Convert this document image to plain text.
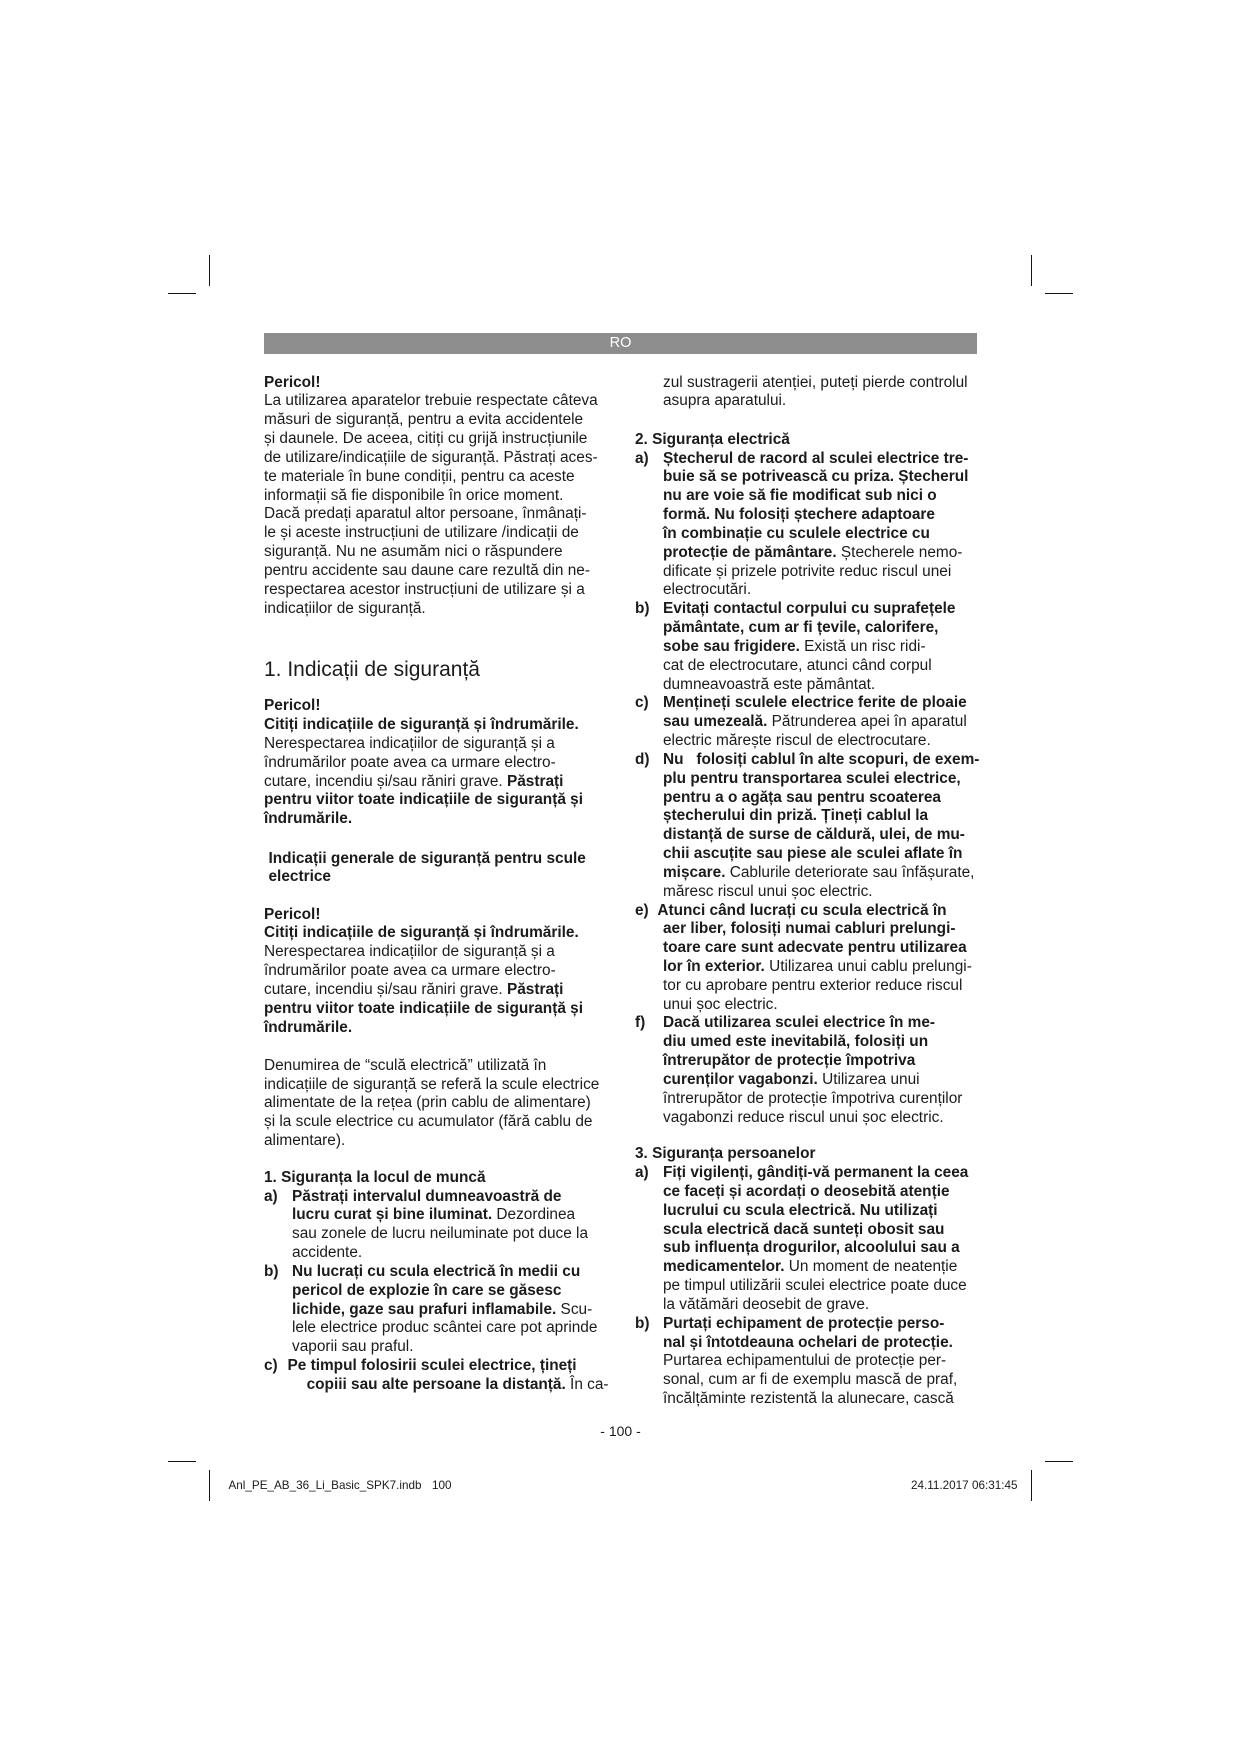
RO
Pericol!
La utilizarea aparatelor trebuie respectate câteva
măsuri de siguranță, pentru a evita accidentele
și daunele. De aceea, citiți cu grijă instrucțiunile
de utilizare/indicațiile de siguranță. Păstrați aces-
te materiale în bune condiții, pentru ca aceste
informații să fie disponibile în orice moment.
Dacă predați aparatul altor persoane, înmânați-
le și aceste instrucțiuni de utilizare /indicații de
siguranță. Nu ne asumăm nici o răspundere
pentru accidente sau daune care rezultă din ne-
respectarea acestor instrucțiuni de utilizare și a
indicațiilor de siguranță.
1. Indicații de siguranță
Pericol!
Citiți indicațiile de siguranță și îndrumările.
Nerespectarea indicațiilor de siguranță și a
îndrumărilor poate avea ca urmare electro-
cutare, incendiu și/sau răniri grave. Păstrați
pentru viitor toate indicațiile de siguranță și
îndrumările.
Indicații generale de siguranță pentru scule
electrice
Pericol!
Citiți indicațiile de siguranță și îndrumările.
Nerespectarea indicațiilor de siguranță și a
îndrumărilor poate avea ca urmare electro-
cutare, incendiu și/sau răniri grave. Păstrați
pentru viitor toate indicațiile de siguranță și
îndrumările.
Denumirea de “sculă electrică” utilizată în
indicațiile de siguranță se referă la scule electrice
alimentate de la rețea (prin cablu de alimentare)
și la scule electrice cu acumulator (fără cablu de
alimentare).
1. Siguranța la locul de muncă
a) Păstrați intervalul dumneavoastră de
lucru curat și bine iluminat. Dezordinea
sau zonele de lucru neiluminate pot duce la
accidente.
b) Nu lucrați cu scula electrică în medii cu
pericol de explozie în care se găsesc
lichide, gaze sau prafuri inflamabile. Scu-
lele electrice produc scântei care pot aprinde
vaporii sau praful.
c) Pe timpul folosirii sculei electrice, țineți
copiii sau alte persoane la distanță. În ca-
zul sustragerii atenției, puteți pierde controlul
asupra aparatului.
2. Siguranța electrică
a) Ștecherul de racord al sculei electrice tre-
buie să se potrivească cu priza. Ștecherul
nu are voie să fie modificat sub nici o
formă. Nu folosiți ștechere adaptoare
în combinație cu sculele electrice cu
protecție de pământare. Ștecherele nemo-
dificate și prizele potrivite reduc riscul unei
electrocutări.
b) Evitați contactul corpului cu suprafețele
pământate, cum ar fi țevile, calorifere,
sobe sau frigidere. Există un risc ridi-
cat de electrocutare, atunci când corpul
dumneavoastră este pământat.
c) Mențineți sculele electrice ferite de ploaie
sau umezeală. Pătrunderea apei în aparatul
electric mărește riscul de electrocutare.
d) Nu   folosiți cablul în alte scopuri, de exem-
plu pentru transportarea sculei electrice,
pentru a o agăța sau pentru scoaterea
ștecherului din priză. Țineți cablul la
distanță de surse de căldură, ulei, de mu-
chii ascuțite sau piese ale sculei aflate în
mișcare. Cablurile deteriorate sau înfășurate,
măresc riscul unui șoc electric.
e) Atunci când lucrați cu scula electrică în
aer liber, folosiți numai cabluri prelungi-
toare care sunt adecvate pentru utilizarea
lor în exterior. Utilizarea unui cablu prelungi-
tor cu aprobare pentru exterior reduce riscul
unui șoc electric.
f) Dacă utilizarea sculei electrice în me-
diu umed este inevitabilă, folosiți un
întrerupător de protecție împotriva
curenților vagabonzi. Utilizarea unui
întrerupător de protecție împotriva curenților
vagabonzi reduce riscul unui șoc electric.
3. Siguranța persoanelor
a) Fiți vigilenți, gândiți-vă permanent la ceea
ce faceți și acordați o deosebită atenție
lucrului cu scula electrică. Nu utilizați
scula electrică dacă sunteți obosit sau
sub influența drogurilor, alcoolului sau a
medicamentelor. Un moment de neatenție
pe timpul utilizării sculei electrice poate duce
la vătămări deosebit de grave.
b) Purtați echipament de protecție perso-
nal și întotdeauna ochelari de protecție.
Purtarea echipamentului de protecție per-
sonal, cum ar fi de exemplu mască de praf,
încălțăminte rezistentă la alunecare, cască
- 100 -
Anl_PE_AB_36_Li_Basic_SPK7.indb 100	24.11.2017 06:31:45
